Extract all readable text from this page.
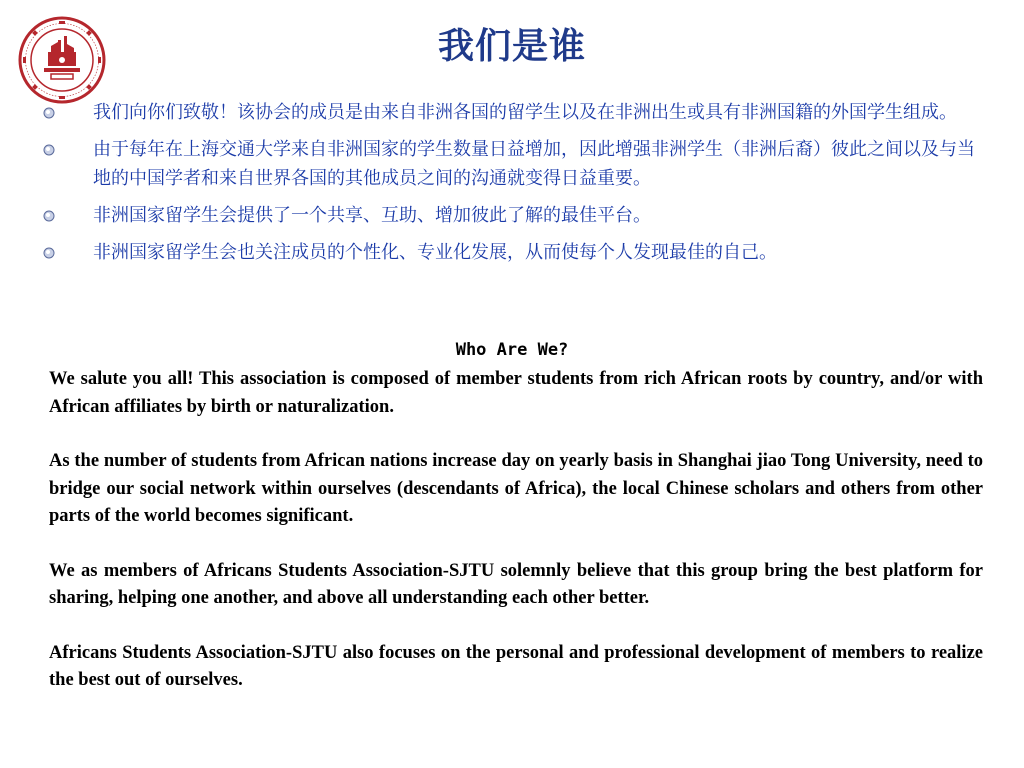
我们是谁
我们向你们致敬！该协会的成员是由来自非洲各国的留学生以及在非洲出生或具有非洲国籍的外国学生组成。
由于每年在上海交通大学来自非洲国家的学生数量日益增加，因此增强非洲学生（非洲后裔）彼此之间以及与当地的中国学者和来自世界各国的其他成员之间的沟通就变得日益重要。
非洲国家留学生会提供了一个共享、互助、增加彼此了解的最佳平台。
非洲国家留学生会也关注成员的个性化、专业化发展，从而使每个人发现最佳的自己。
Who Are We?

We salute you all! This association is composed of member students from rich African roots by country, and/or with African affiliates by birth or naturalization.

As the number of students from African nations increase day on yearly basis in Shanghai jiao Tong University, need to bridge our social network within ourselves (descendants of Africa), the local Chinese scholars and others from other parts of the world becomes significant.

We as members of Africans Students Association-SJTU solemnly believe that this group bring the best platform for sharing, helping one another, and above all understanding each other better.

Africans Students Association-SJTU also focuses on the personal and professional development of members to realize the best out of ourselves.
